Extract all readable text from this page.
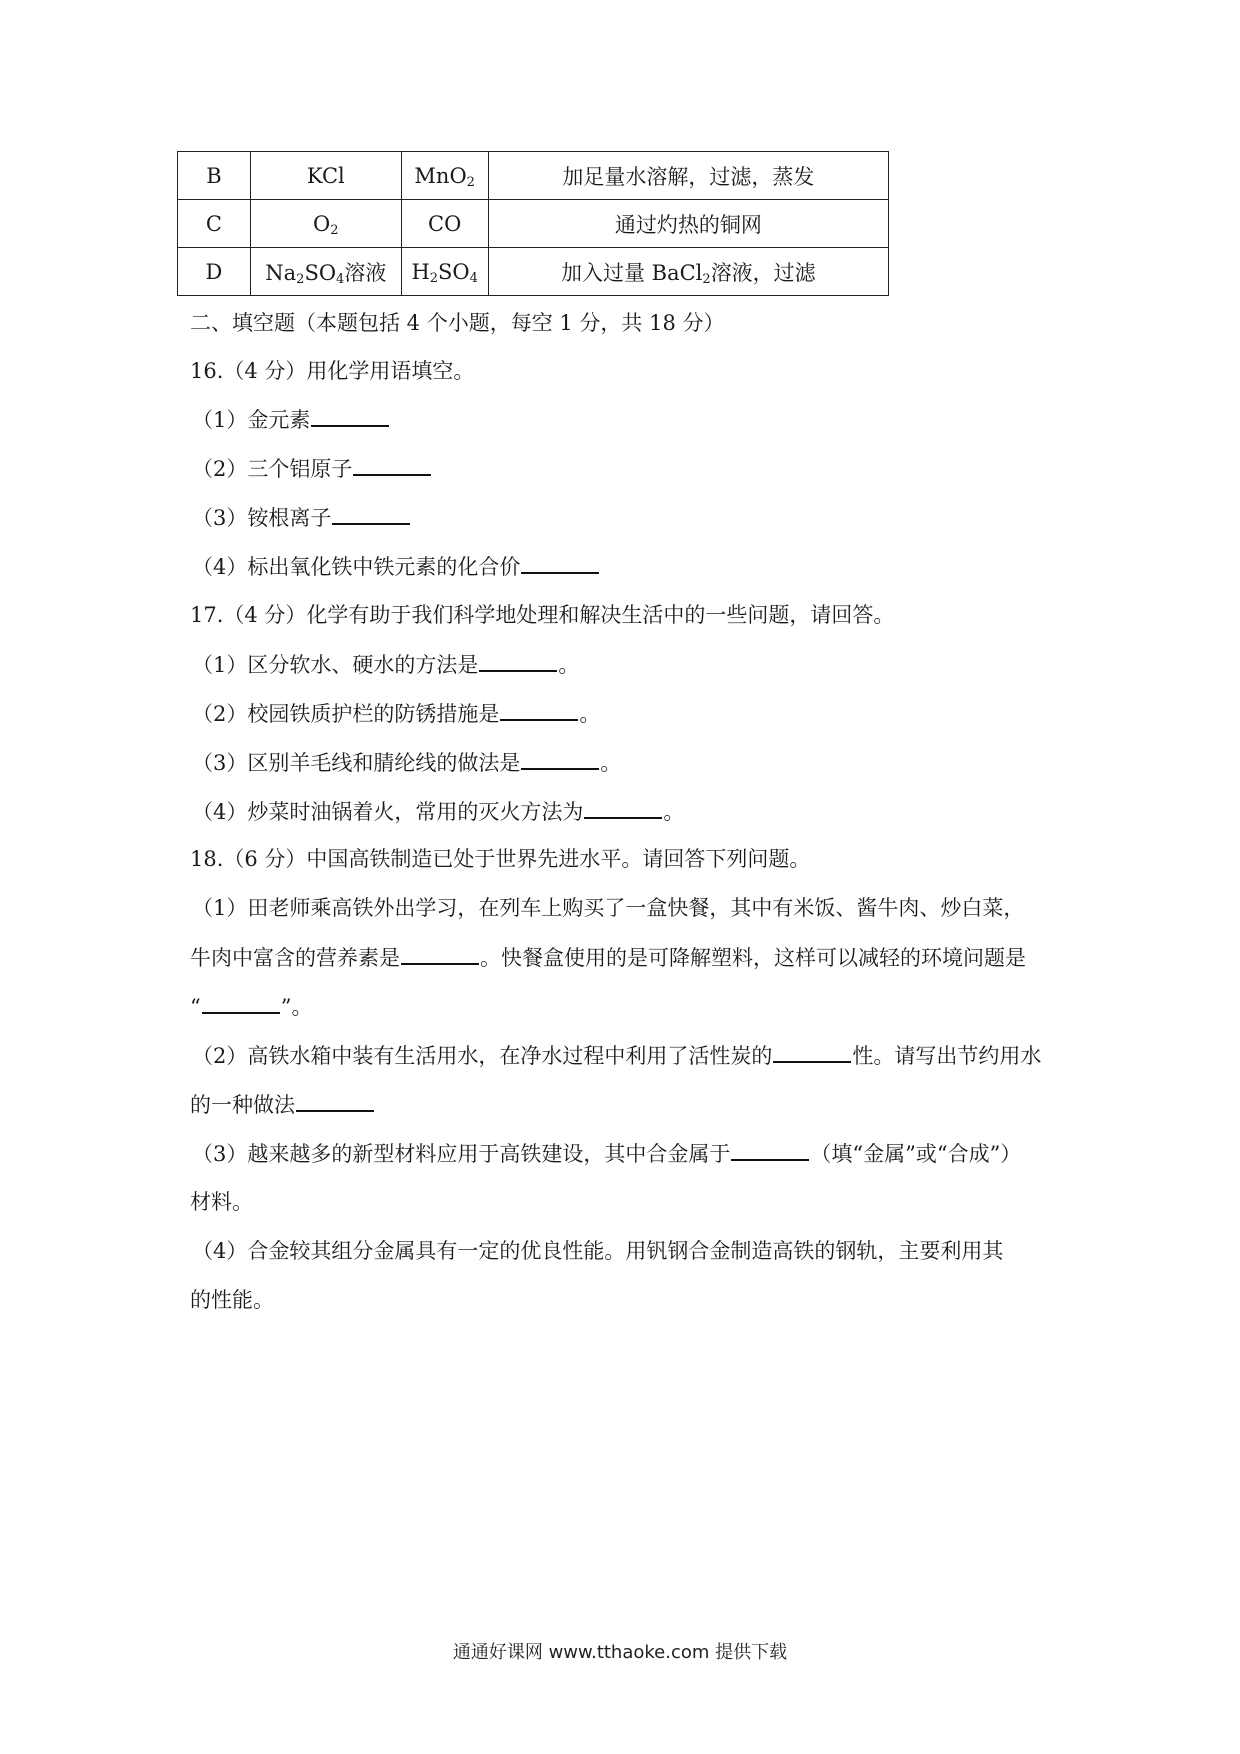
B	KCl	MnO$_2$	加足量水溶解，过滤，蒸发
C	$O_2$	CO	通过灼热的铜网
D	$Na_2SO_4$溶液	$H_2SO_4$	加入过量 BaCl$_2$溶液，过滤
二、填空题（本题包括 4 个小题，每空 1 分，共 18 分）
16.（4 分）用化学用语填空。
（1）金元素
（2）三个铝原子
（3）铵根离子
（4）标出氧化铁中铁元素的化合价
17.（4 分）化学有助于我们科学地处理和解决生活中的一些问题，请回答。
（1）区分软水、硬水的方法是	。
（2）校园铁质护栏的防锈措施是	。
（3）区别羊毛线和腈纶线的做法是	。
（4）炒菜时油锅着火，常用的灭火方法为	。
18.（6 分）中国高铁制造已处于世界先进水平。请回答下列问题。
（1）田老师乘高铁外出学习，在列车上购买了一盒快餐，其中有米饭、酱牛肉、炒白菜，
牛肉中富含的营养素是	。快餐盒使用的是可降解塑料，这样可以减轻的环境问题是
“	”。
（2）高铁水箱中装有生活用水，在净水过程中利用了活性炭的	性。请写出节约用水
的一种做法
（3）越来越多的新型材料应用于高铁建设，其中合金属于	（填“金属”或“合成”）
材料。
（4）合金较其组分金属具有一定的优良性能。用钒钢合金制造高铁的钢轨，主要利用其
的性能。
通通好课网 www.tthaoke.com 提供下载
